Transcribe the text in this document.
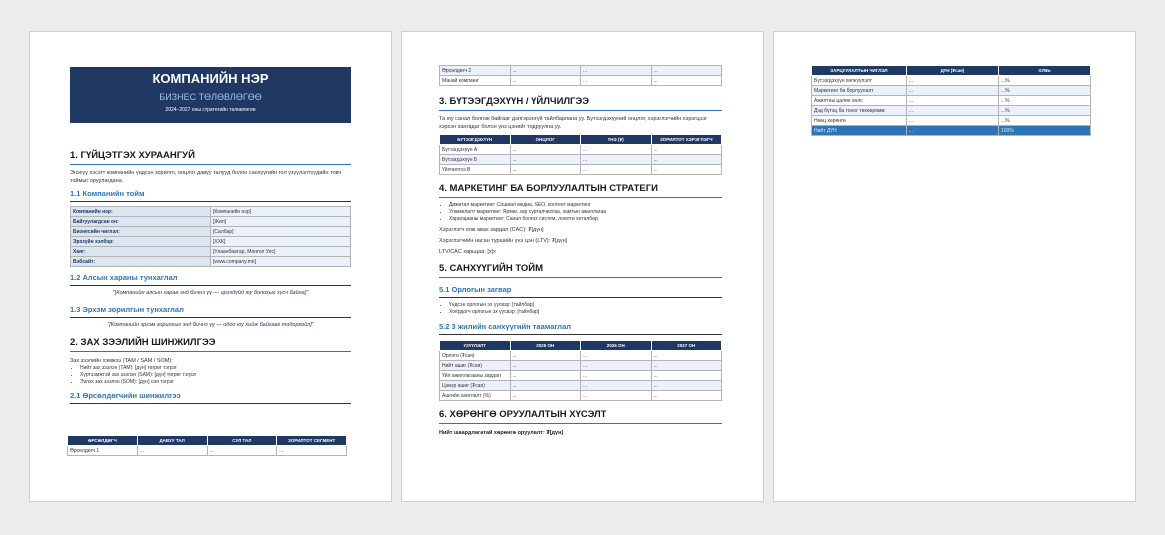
КОМПАНИЙН НЭР
БИЗНЕС ТӨЛӨВЛӨГӨӨ
2024–2027 оны стратегийн төлөвлөгөө
1. ГҮЙЦЭТГЭХ ХУРААНГУЙ

Энэхүү хэсэгт компанийн үндсэн зорилго, онцлог давуу талууд болон санхүүгийн гол үзүүлэлтүүдийн товч тоймыг оруулагдана.

1.1 Компанийн тойм
Компанийн нэр:	[Компанийн нэр]
Байгуулагдсан он:	[Жил]
Бизнесийн чиглэл:	[Салбар]
Эрхзүйн хэлбэр:	[ХХК]
Хаяг:	[Улаанбаатар, Монгол Улс]
Вэбсайт:	[www.company.mn]
1.2 Алсын хараны тунхаглал
"[Компанийн алсын хараа энд бичнэ үү — ирээдүйд юу болохыг хүсч байна]"
1.3 Эрхэм зорилгын тунхаглал
"[Компанийн эрхэм зорилгыг энд бичнэ үү — одоо юу хийж байгааг тодорхойл]"
2. ЗАХ ЗЭЭЛИЙН ШИНЖИЛГЭЭ

Зах зээлийн хэмжээ (TAM / SAM / SOM):

• Нийт зах зээлэн (TAM): [дүн] төгрөг тэгрэг
• Хүртээмжтэй зах зээлэн (SAM): [дүн] төгрөг тэгрэг
• Эзлэх зах зээлэн (SOM): [дүн] сая тэгрэг
2.1 Өрсөлдөгчийн шинжилгээ
ӨРСӨЛДӨГЧ	ДАВУУ ТАЛ	СУЛ ТАЛ	ЗОРИЛТОТ СЕГМЕНТ
Өрсөлдөгч 1	...	...	...
Өрсөлдөгч 2	...	...	...
Манай компани	...	...	...
3. БҮТЭЭГДЭХҮҮН / ҮЙЛЧИЛГЭЭ

Та юу санал болгож байгааг дэлгэрэнгүй тайлбарлана уу. Бүтээгдэхүүний онцлог, хэрэглэгчийн хэрэгцээг хэрхэн хангадаг болон үнэ цэнийг тодруулна уу.

БҮТЭЭГДЭХҮҮН	ОНЦЛОГ	ҮНЭ (₮)	ЗОРИЛТОТ ХЭРЭГЛЭГЧ
Бүтээгдэхүүн А	...	...	...
Бүтээгдэхүүн Б	...	...	...
Үйлчилгээ В	...	...	...
4. МАРКЕТИНГ БА БОРЛУУЛАЛТЫН СТРАТЕГИ
• Дижитал маркетинг: Сошиал медиа, SEO, контент маркетинг
• Уламжлалт маркетинг: Ярмаг, зар сурталчилгаа, хамтын ажиллагаа
• Харилцааны маркетинг: Санал болгох систем, лоялти хөтөлбөр

Хэрэглэгч олж авах зардал (CAC): ₮[дүн]

Хэрэглэгчийн насан туршийн үнэ цэн (LTV): ₮[дүн]

LTV/CAC харьцаа: [х]x

5. САНХҮҮГИЙН ТОЙМ
5.1 Орлогын загвар
• Үндсэн орлогын эх үүсвэр: [тайлбар]
• Хоёрдогч орлогын эх үүсвэр: [тайлбар]
5.2 3 жилийн санхүүгийн таамаглал
ҮЗҮҮЛЭЛТ	2025 ОН	2026 ОН	2027 ОН
Орлого (₮сая)	...	...	...
Нийт ашиг (₮сая)	...	...	...
Үйл ажиллагааны зардал	...	...	...
Цэвэр ашиг (₮сая)	...	...	...
Ашгийн ахиглалт (%)	...	...	...
6. ХӨРӨНГӨ ОРУУЛАЛТЫН ХҮСЭЛТ
Нийт шаардлагатай хөрөнгө оруулалт: ₮[дүн]
ЗАРЦУУЛАЛТЫН ЧИГЛЭЛ	ДҮН (₮сая)	ХУВЬ
Бүтээгдэхүүн хөгжүүлэлт	...	...%
Маркетинг ба борлуулалт	...	...%
Ажилтны цалин хөлс	...	...%
Дэд бүтэц ба тоног төхөөрөмж	...	...%
Нөөц хөрөнгө	...	...%
Нийт ДҮН	...	100%
